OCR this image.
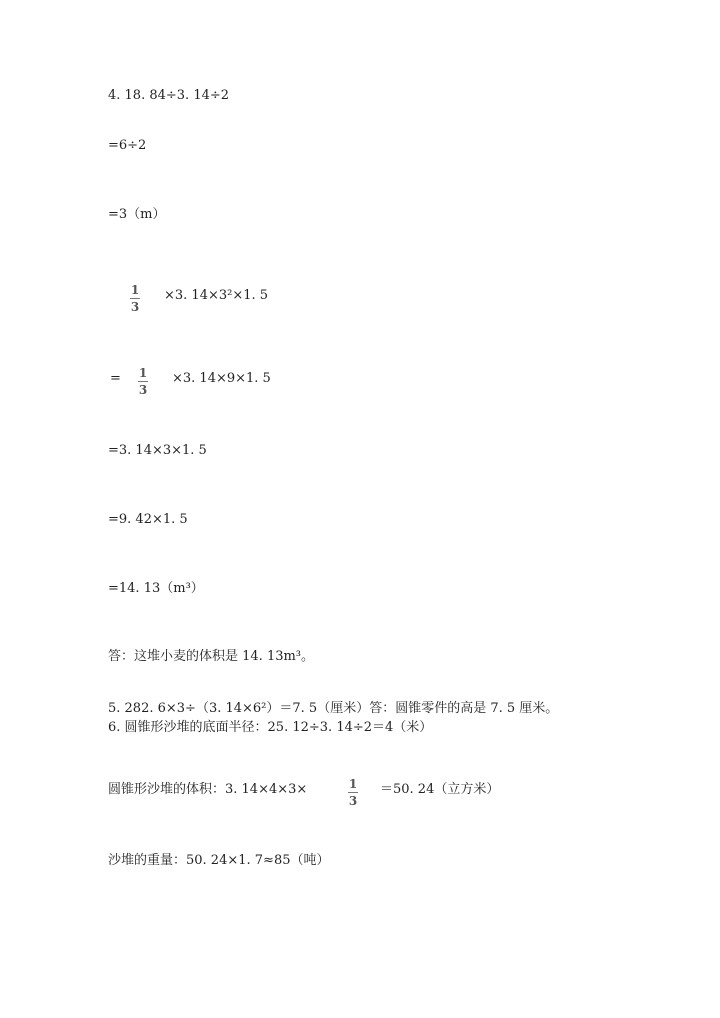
4. 18. 84÷3. 14÷2
=6÷2
=3（m）
1
3
×3. 14×3²×1. 5
= 1
3
×3. 14×9×1. 5
=3. 14×3×1. 5
=9. 42×1. 5
=14. 13（m³）
答：这堆小麦的体积是 14. 13m³。
5. 282. 6×3÷（3. 14×6²）＝7. 5（厘米）答：圆锥零件的高是 7. 5 厘米。
6. 圆锥形沙堆的底面半径：25. 12÷3. 14÷2＝4（米）
圆锥形沙堆的体积：3. 14×4×3×	1
3
＝50. 24（立方米）
沙堆的重量：50. 24×1. 7≈85（吨）
